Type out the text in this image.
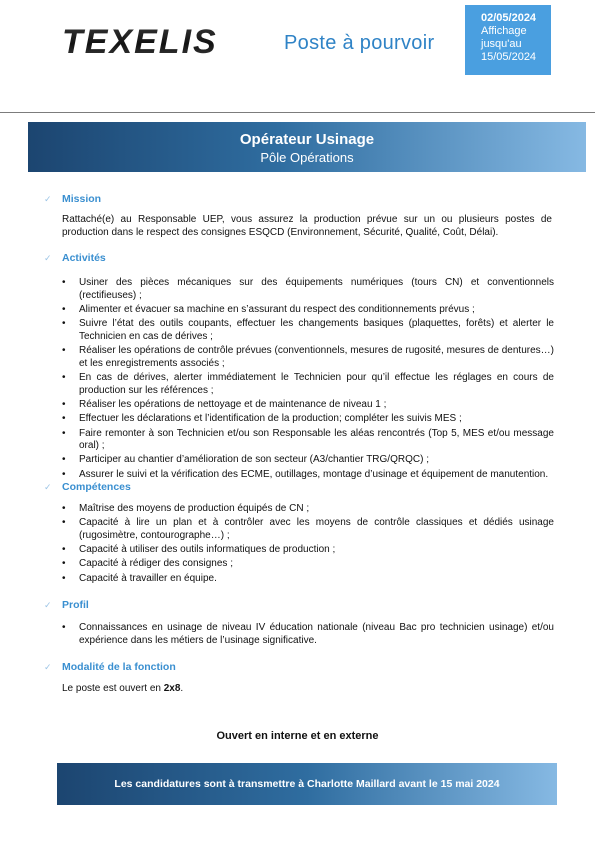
TEXELIS	Poste à pourvoir
02/05/2024
Affichage
jusqu'au
15/05/2024
Opérateur Usinage
Pôle Opérations
✓ Mission
Rattaché(e) au Responsable UEP, vous assurez la production prévue sur un ou plusieurs postes de production dans le respect des consignes ESQCD (Environnement, Sécurité, Qualité, Coût, Délai).
✓ Activités
• Usiner des pièces mécaniques sur des équipements numériques (tours CN) et conventionnels (rectifieuses) ;
• Alimenter et évacuer sa machine en s’assurant du respect des conditionnements prévus ;
• Suivre l’état des outils coupants, effectuer les changements basiques (plaquettes, forêts) et alerter le Technicien en cas de dérives ;
• Réaliser les opérations de contrôle prévues (conventionnels, mesures de rugosité, mesures de dentures…) et les enregistrements associés ;
• En cas de dérives, alerter immédiatement le Technicien pour qu’il effectue les réglages en cours de production sur les références ;
• Réaliser les opérations de nettoyage et de maintenance de niveau 1 ;
• Effectuer les déclarations et l’identification de la production; compléter les suivis MES ;
• Faire remonter à son Technicien et/ou son Responsable les aléas rencontrés (Top 5, MES et/ou message oral) ;
• Participer au chantier d’amélioration de son secteur (A3/chantier TRG/QRQC) ;
• Assurer le suivi et la vérification des ECME, outillages, montage d’usinage et équipement de manutention.
✓ Compétences
• Maîtrise des moyens de production équipés de CN ;
• Capacité à lire un plan et à contrôler avec les moyens de contrôle classiques et dédiés usinage (rugosimètre, contourographe…) ;
• Capacité à utiliser des outils informatiques de production ;
• Capacité à rédiger des consignes ;
• Capacité à travailler en équipe.
✓ Profil
• Connaissances en usinage de niveau IV éducation nationale (niveau Bac pro technicien usinage) et/ou expérience dans les métiers de l’usinage significative.
✓ Modalité de la fonction
Le poste est ouvert en 2x8.
Ouvert en interne et en externe
Les candidatures sont à transmettre à Charlotte Maillard avant le 15 mai 2024
